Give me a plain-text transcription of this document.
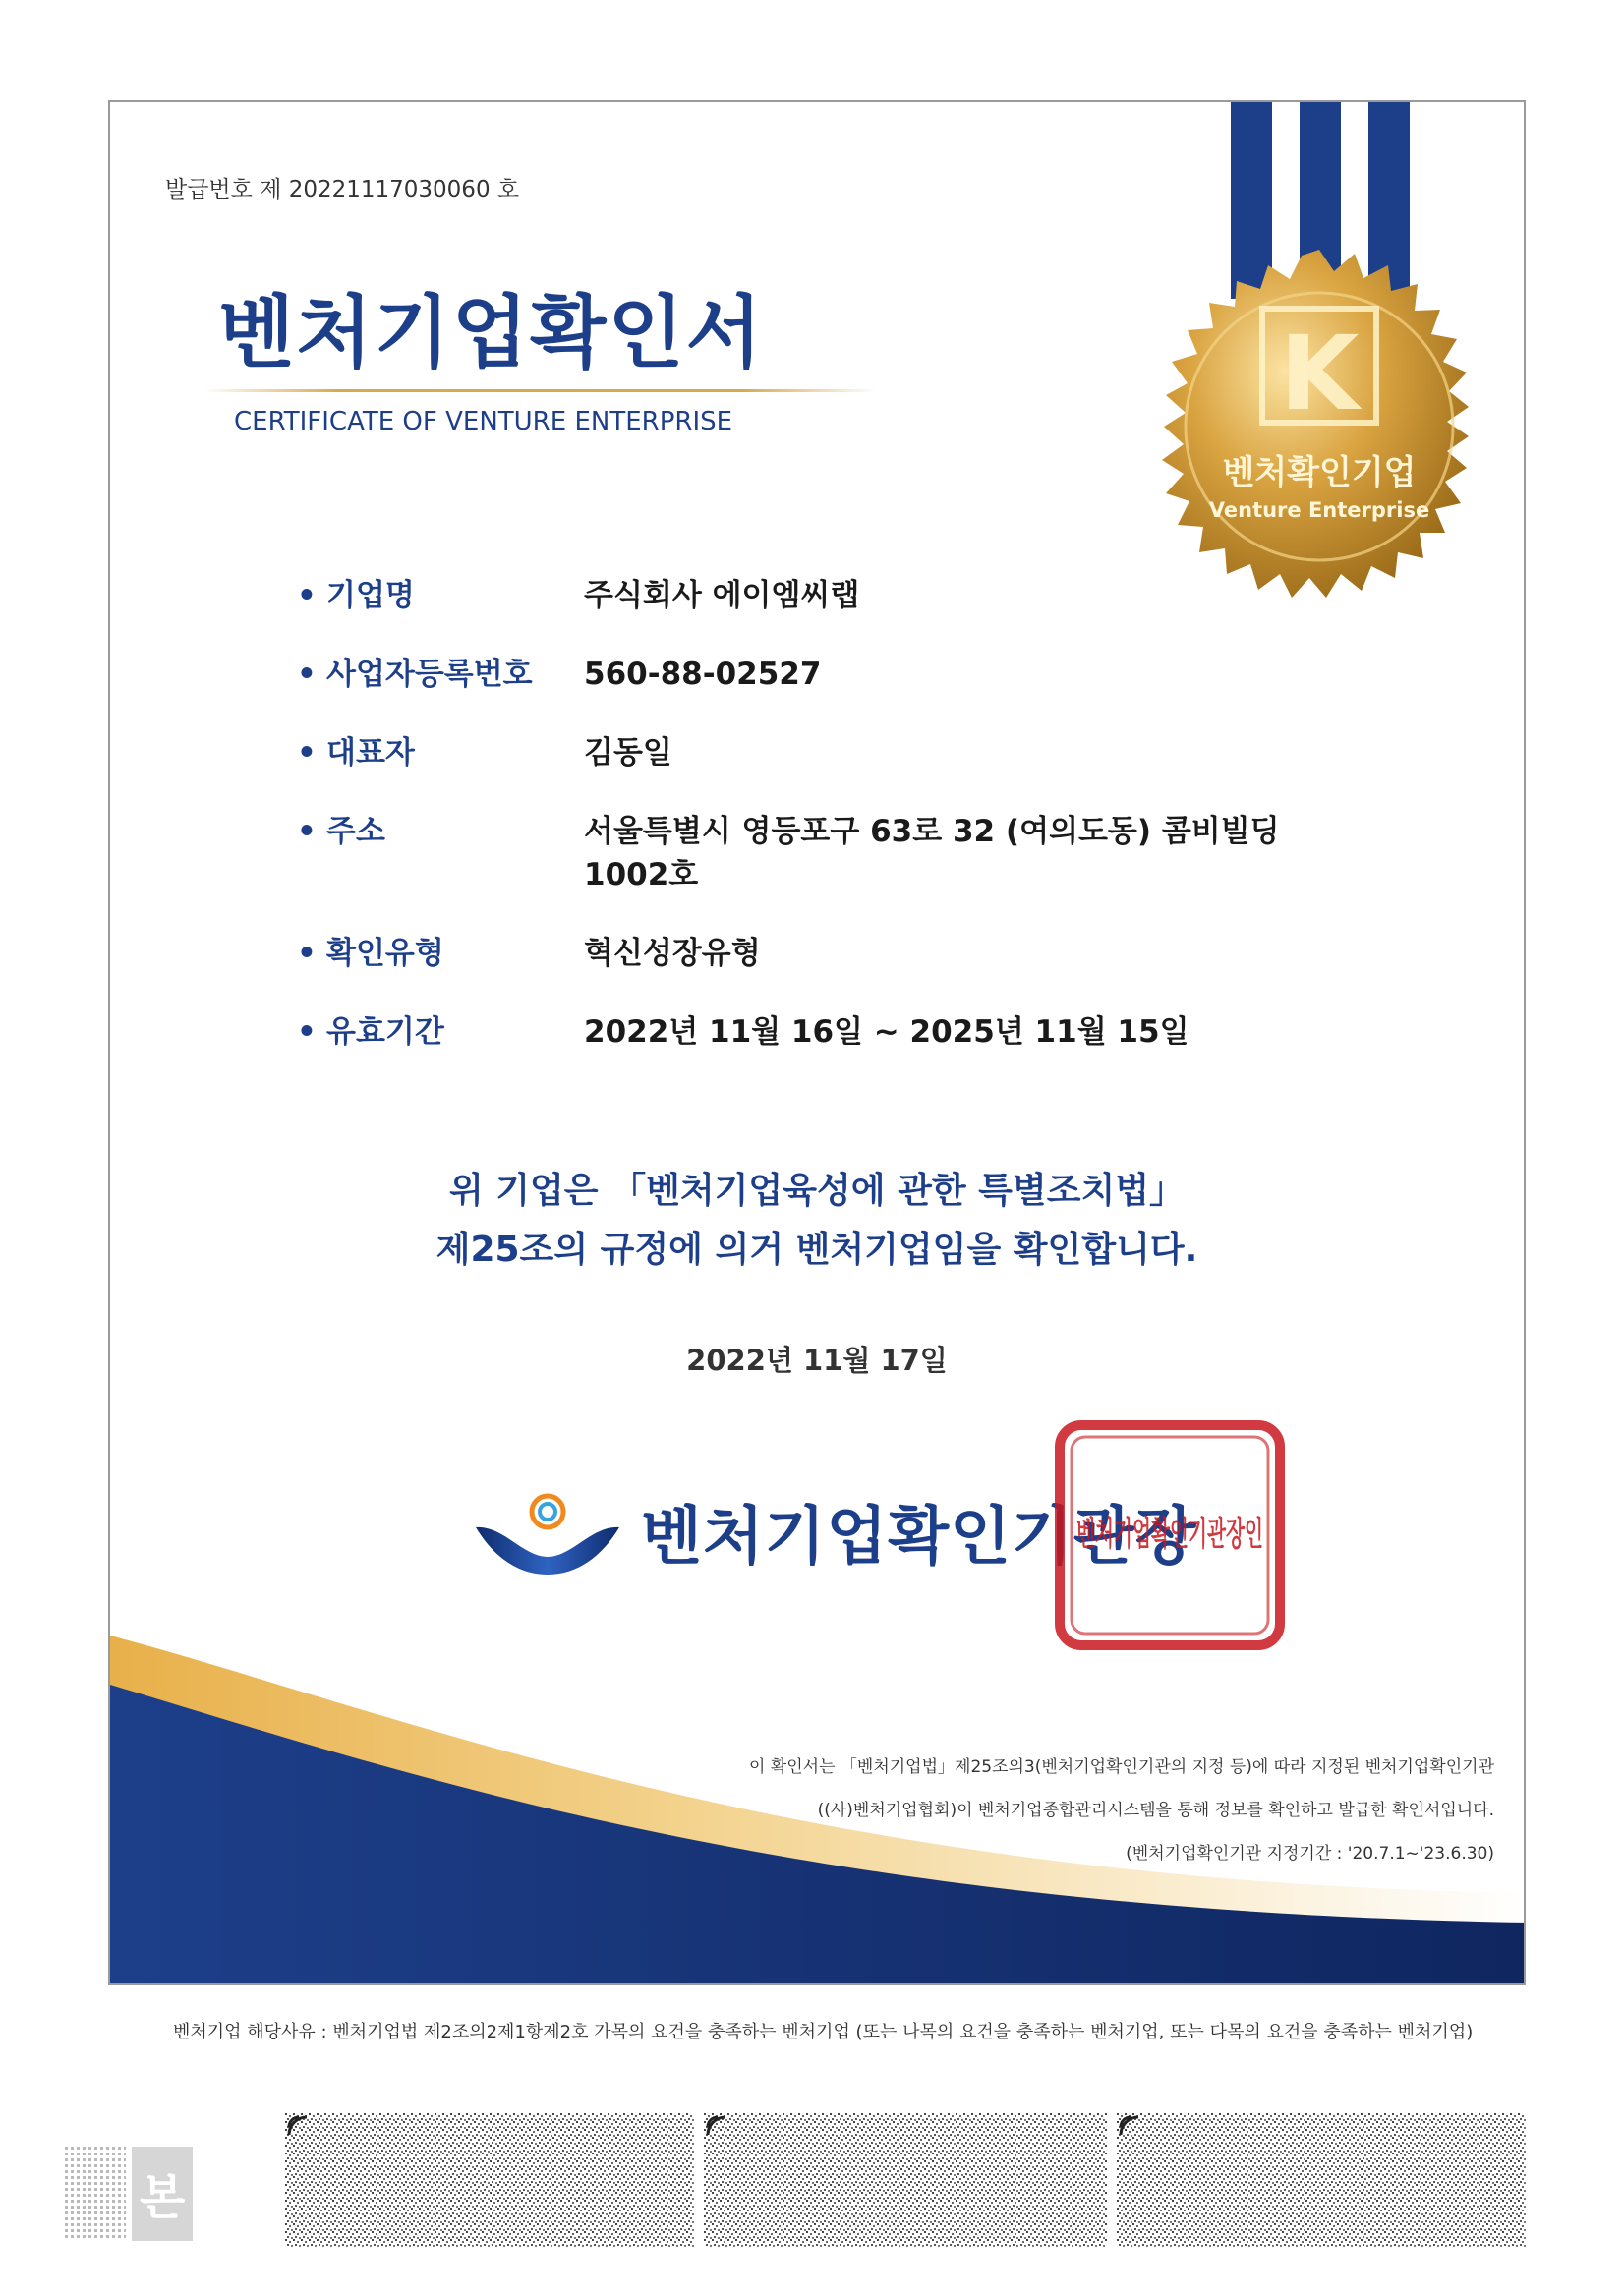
발급번호 제 20221117030060 호
벤처기업확인서
CERTIFICATE OF VENTURE ENTERPRISE	K
벤처확인기업
Venture Enterprise
• 기업명	주식회사 에이엠씨랩
• 사업자등록번호	560-88-02527
• 대표자	김동일
• 주소	서울특별시 영등포구 63로 32 (여의도동) 콤비빌딩
1002호
• 확인유형	혁신성장유형
• 유효기간	2022년 11월 16일 ~ 2025년 11월 15일
위 기업은 「벤처기업육성에 관한 특별조치법」
제25조의 규정에 의거 벤처기업임을 확인합니다.
2022년 11월 17일
벤처기업확인기관장
벤처기업확인기관장인
이 확인서는 「벤처기업법」제25조의3(벤처기업확인기관의 지정 등)에 따라 지정된 벤처기업확인기관
((사)벤처기업협회)이 벤처기업종합관리시스템을 통해 정보를 확인하고 발급한 확인서입니다.
(벤처기업확인기관 지정기간 : '20.7.1~'23.6.30)
벤처기업 해당사유 : 벤처기업법 제2조의2제1항제2호 가목의 요건을 충족하는 벤처기업 (또는 나목의 요건을 충족하는 벤처기업, 또는 다목의 요건을 충족하는 벤처기업)
본
